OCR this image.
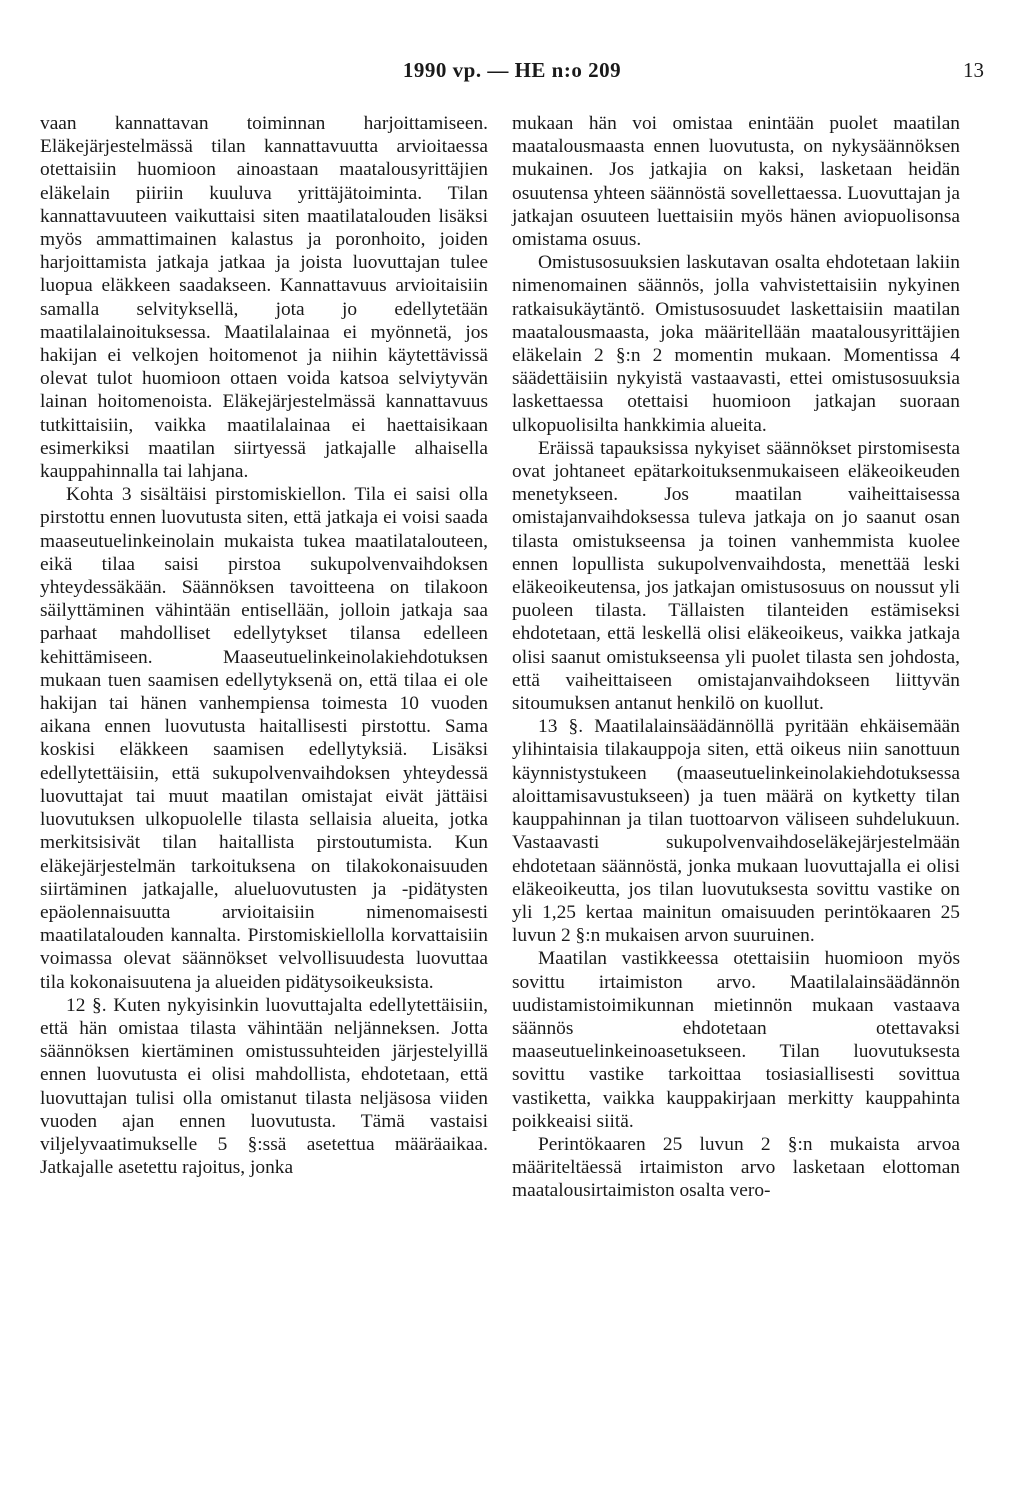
1990 vp. — HE n:o 209	13

vaan kannattavan toiminnan harjoittamiseen. Eläkejärjestelmässä tilan kannattavuutta arvioitaessa otettaisiin huomioon ainoastaan maatalousyrittäjien eläkelain piiriin kuuluva yrittäjätoiminta. Tilan kannattavuuteen vaikuttaisi siten maatilatalouden lisäksi myös ammattimainen kalastus ja poronhoito, joiden harjoittamista jatkaja jatkaa ja joista luovuttajan tulee luopua eläkkeen saadakseen. Kannattavuus arvioitaisiin samalla selvityksellä, jota jo edellytetään maatilalainoituksessa. Maatilalainaa ei myönnetä, jos hakijan ei velkojen hoitomenot ja niihin käytettävissä olevat tulot huomioon ottaen voida katsoa selviytyvän lainan hoitomenoista. Eläkejärjestelmässä kannattavuus tutkittaisiin, vaikka maatilalainaa ei haettaisikaan esimerkiksi maatilan siirtyessä jatkajalle alhaisella kauppahinnalla tai lahjana.

Kohta 3 sisältäisi pirstomiskiellon. Tila ei saisi olla pirstottu ennen luovutusta siten, että jatkaja ei voisi saada maaseutuelinkeinolain mukaista tukea maatilatalouteen, eikä tilaa saisi pirstoa sukupolvenvaihdoksen yhteydessäkään. Säännöksen tavoitteena on tilakoon säilyttäminen vähintään entisellään, jolloin jatkaja saa parhaat mahdolliset edellytykset tilansa edelleen kehittämiseen. Maaseutuelinkeinolakiehdotuksen mukaan tuen saamisen edellytyksenä on, että tilaa ei ole hakijan tai hänen vanhempiensa toimesta 10 vuoden aikana ennen luovutusta haitallisesti pirstottu. Sama koskisi eläkkeen saamisen edellytyksiä. Lisäksi edellytettäisiin, että sukupolvenvaihdoksen yhteydessä luovuttajat tai muut maatilan omistajat eivät jättäisi luovutuksen ulkopuolelle tilasta sellaisia alueita, jotka merkitsisivät tilan haitallista pirstoutumista. Kun eläkejärjestelmän tarkoituksena on tilakokonaisuuden siirtäminen jatkajalle, alueluovutusten ja -pidätysten epäolennaisuutta arvioitaisiin nimenomaisesti maatilatalouden kannalta. Pirstomiskiellolla korvattaisiin voimassa olevat säännökset velvollisuudesta luovuttaa tila kokonaisuutena ja alueiden pidätysoikeuksista.

12 §. Kuten nykyisinkin luovuttajalta edellytettäisiin, että hän omistaa tilasta vähintään neljänneksen. Jotta säännöksen kiertäminen omistussuhteiden järjestelyillä ennen luovutusta ei olisi mahdollista, ehdotetaan, että luovuttajan tulisi olla omistanut tilasta neljäsosa viiden vuoden ajan ennen luovutusta. Tämä vastaisi viljelyvaatimukselle 5 §:ssä asetettua määräaikaa. Jatkajalle asetettu rajoitus, jonka

mukaan hän voi omistaa enintään puolet maatilan maatalousmaasta ennen luovutusta, on nykysäännöksen mukainen. Jos jatkajia on kaksi, lasketaan heidän osuutensa yhteen säännöstä sovellettaessa. Luovuttajan ja jatkajan osuuteen luettaisiin myös hänen aviopuolisonsa omistama osuus.

Omistusosuuksien laskutavan osalta ehdotetaan lakiin nimenomainen säännös, jolla vahvistettaisiin nykyinen ratkaisukäytäntö. Omistusosuudet laskettaisiin maatilan maatalousmaasta, joka määritellään maatalousyrittäjien eläkelain 2 §:n 2 momentin mukaan. Momentissa 4 säädettäisiin nykyistä vastaavasti, ettei omistusosuuksia laskettaessa otettaisi huomioon jatkajan suoraan ulkopuolisilta hankkimia alueita.

Eräissä tapauksissa nykyiset säännökset pirstomisesta ovat johtaneet epätarkoituksenmukaiseen eläkeoikeuden menetykseen. Jos maatilan vaiheittaisessa omistajanvaihdoksessa tuleva jatkaja on jo saanut osan tilasta omistukseensa ja toinen vanhemmista kuolee ennen lopullista sukupolvenvaihdosta, menettää leski eläkeoikeutensa, jos jatkajan omistusosuus on noussut yli puoleen tilasta. Tällaisten tilanteiden estämiseksi ehdotetaan, että leskellä olisi eläkeoikeus, vaikka jatkaja olisi saanut omistukseensa yli puolet tilasta sen johdosta, että vaiheittaiseen omistajanvaihdokseen liittyvän sitoumuksen antanut henkilö on kuollut.

13 §. Maatilalainsäädännöllä pyritään ehkäisemään ylihintaisia tilakauppoja siten, että oikeus niin sanottuun käynnistystukeen (maaseutuelinkeinolakiehdotuksessa aloittamisavustukseen) ja tuen määrä on kytketty tilan kauppahinnan ja tilan tuottoarvon väliseen suhdelukuun. Vastaavasti sukupolvenvaihdoseläkejärjestelmään ehdotetaan säännöstä, jonka mukaan luovuttajalla ei olisi eläkeoikeutta, jos tilan luovutuksesta sovittu vastike on yli 1,25 kertaa mainitun omaisuuden perintökaaren 25 luvun 2 §:n mukaisen arvon suuruinen.

Maatilan vastikkeessa otettaisiin huomioon myös sovittu irtaimiston arvo. Maatilalainsäädännön uudistamistoimikunnan mietinnön mukaan vastaava säännös ehdotetaan otettavaksi maaseutuelinkeinoasetukseen. Tilan luovutuksesta sovittu vastike tarkoittaa tosiasiallisesti sovittua vastiketta, vaikka kauppakirjaan merkitty kauppahinta poikkeaisi siitä.

Perintökaaren 25 luvun 2 §:n mukaista arvoa määriteltäessä irtaimiston arvo lasketaan elottoman maatalousirtaimiston osalta vero-
